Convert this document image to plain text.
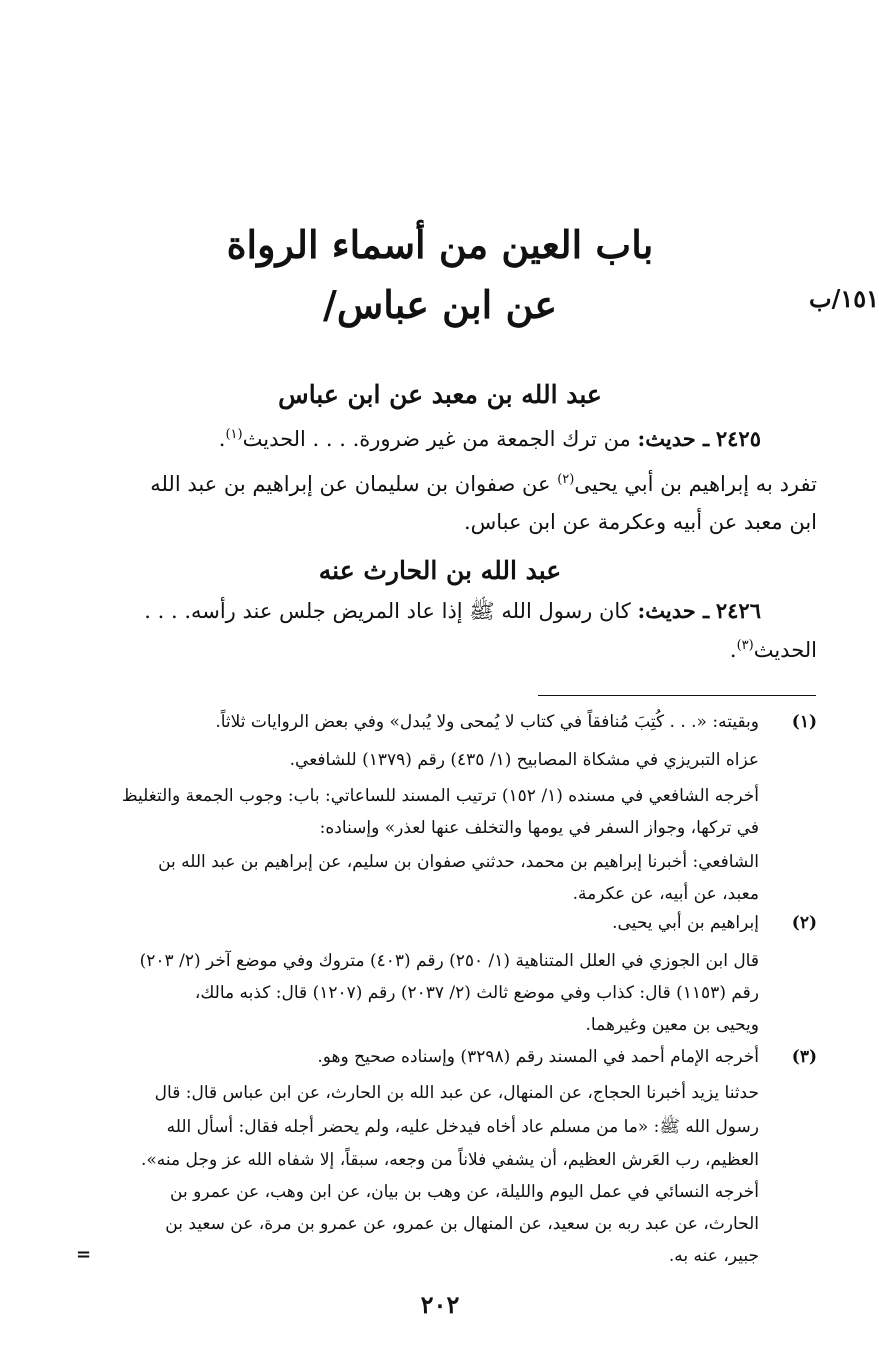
١٥١/ب
باب العين من أسماء الرواة
عن ابن عباس/
عبد الله بن معبد عن ابن عباس
٢٤٢٥ ـ حديث: من ترك الجمعة من غير ضرورة. . . . الحديث$^{(١)}$.
تفرد به إبراهيم بن أبي يحيى$^{(٢)}$ عن صفوان بن سليمان عن إبراهيم بن عبد الله
ابن معبد عن أبيه وعكرمة عن ابن عباس.
عبد الله بن الحارث عنه
٢٤٢٦ ـ حديث: كان رسول الله ﷺ إذا عاد المريض جلس عند رأسه. . . .
الحديث$^{(٣)}$.
(١)
وبقيته: «. . . كُتِبَ مُنافقاً في كتاب لا يُمحى ولا يُبدل» وفي بعض الروايات ثلاثاً.
عزاه التبريزي في مشكاة المصابيح (١/ ٤٣٥) رقم (١٣٧٩) للشافعي.
أخرجه الشافعي في مسنده (١/ ١٥٢) ترتيب المسند للساعاتي: باب: وجوب الجمعة والتغليظ
في تركها، وجواز السفر في يومها والتخلف عنها لعذر» وإسناده:
الشافعي: أخبرنا إبراهيم بن محمد، حدثني صفوان بن سليم، عن إبراهيم بن عبد الله بن
معبد، عن أبيه، عن عكرمة.
(٢)
إبراهيم بن أبي يحيى.
قال ابن الجوزي في العلل المتناهية (١/ ٢٥٠) رقم (٤٠٣) متروك وفي موضع آخر (٢/ ٢٠٣)
رقم (١١٥٣) قال: كذاب وفي موضع ثالث (٢/ ٢٠٣٧) رقم (١٢٠٧) قال: كذبه مالك،
ويحيى بن معين وغيرهما.
(٣)
أخرجه الإمام أحمد في المسند رقم (٣٢٩٨) وإسناده صحيح وهو.
حدثنا يزيد أخبرنا الحجاج، عن المنهال، عن عبد الله بن الحارث، عن ابن عباس قال: قال
رسول الله ﷺ: «ما من مسلم عاد أخاه فيدخل عليه، ولم يحضر أجله فقال: أسأل الله
العظيم، رب العَرش العظيم، أن يشفي فلاناً من وجعه، سبقاً، إلا شفاه الله عز وجل منه».
أخرجه النسائي في عمل اليوم والليلة، عن وهب بن بيان، عن ابن وهب، عن عمرو بن
الحارث، عن عبد ربه بن سعيد، عن المنهال بن عمرو، عن عمرو بن مرة، عن سعيد بن
جبير، عنه به.
=
٢٠٢
